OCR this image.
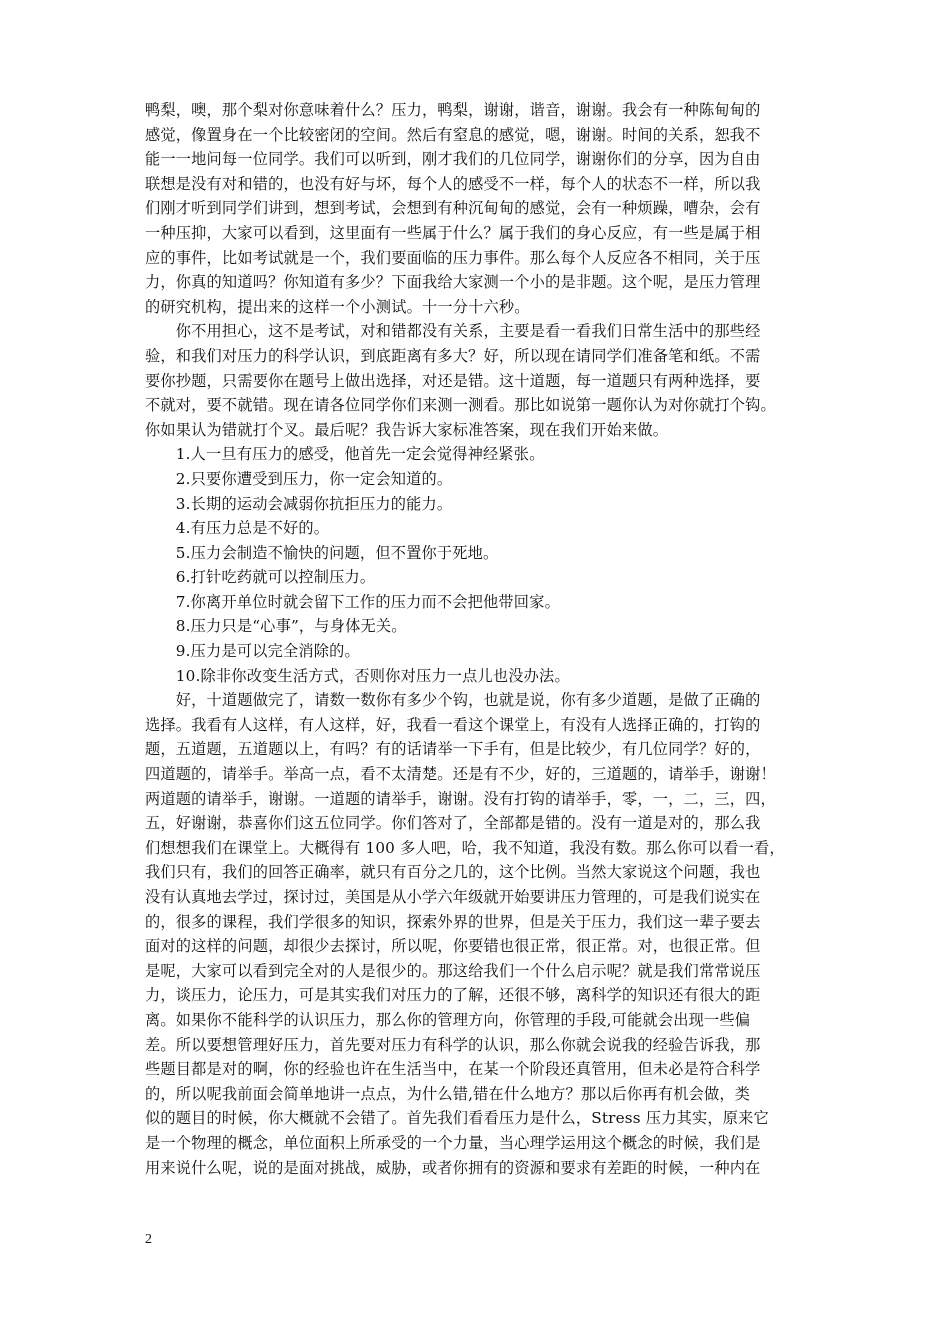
鸭梨，噢，那个梨对你意味着什么？压力，鸭梨，谢谢，谐音，谢谢。我会有一种陈甸甸的
感觉，像置身在一个比较密闭的空间。然后有窒息的感觉，嗯，谢谢。时间的关系，恕我不
能一一地问每一位同学。我们可以听到，刚才我们的几位同学，谢谢你们的分享，因为自由
联想是没有对和错的，也没有好与坏，每个人的感受不一样，每个人的状态不一样，所以我
们刚才听到同学们讲到，想到考试，会想到有种沉甸甸的感觉，会有一种烦躁，嘈杂，会有
一种压抑，大家可以看到，这里面有一些属于什么？属于我们的身心反应，有一些是属于相
应的事件，比如考试就是一个，我们要面临的压力事件。那么每个人反应各不相同，关于压
力，你真的知道吗？你知道有多少？下面我给大家测一个小的是非题。这个呢，是压力管理
的研究机构，提出来的这样一个小测试。十一分十六秒。
　　你不用担心，这不是考试，对和错都没有关系，主要是看一看我们日常生活中的那些经
验，和我们对压力的科学认识，到底距离有多大？好，所以现在请同学们准备笔和纸。不需
要你抄题，只需要你在题号上做出选择，对还是错。这十道题，每一道题只有两种选择，要
不就对，要不就错。现在请各位同学你们来测一测看。那比如说第一题你认为对你就打个钩。
你如果认为错就打个叉。最后呢？我告诉大家标准答案，现在我们开始来做。
　　1.人一旦有压力的感受，他首先一定会觉得神经紧张。
　　2.只要你遭受到压力，你一定会知道的。
　　3.长期的运动会减弱你抗拒压力的能力。
　　4.有压力总是不好的。
　　5.压力会制造不愉快的问题，但不置你于死地。
　　6.打针吃药就可以控制压力。
　　7.你离开单位时就会留下工作的压力而不会把他带回家。
　　8.压力只是“心事”，与身体无关。
　　9.压力是可以完全消除的。
　　10.除非你改变生活方式，否则你对压力一点儿也没办法。
　　好，十道题做完了，请数一数你有多少个钩，也就是说，你有多少道题，是做了正确的
选择。我看有人这样，有人这样，好，我看一看这个课堂上，有没有人选择正确的，打钩的
题，五道题，五道题以上，有吗？有的话请举一下手有，但是比较少，有几位同学？好的，
四道题的，请举手。举高一点，看不太清楚。还是有不少，好的，三道题的，请举手，谢谢！
两道题的请举手，谢谢。一道题的请举手，谢谢。没有打钩的请举手，零，一，二，三，四，
五，好谢谢，恭喜你们这五位同学。你们答对了，全部都是错的。没有一道是对的，那么我
们想想我们在课堂上。大概得有 100 多人吧，哈，我不知道，我没有数。那么你可以看一看，
我们只有，我们的回答正确率，就只有百分之几的，这个比例。当然大家说这个问题，我也
没有认真地去学过，探讨过，美国是从小学六年级就开始要讲压力管理的，可是我们说实在
的，很多的课程，我们学很多的知识，探索外界的世界，但是关于压力，我们这一辈子要去
面对的这样的问题，却很少去探讨，所以呢，你要错也很正常，很正常。对，也很正常。但
是呢，大家可以看到完全对的人是很少的。那这给我们一个什么启示呢？就是我们常常说压
力，谈压力，论压力，可是其实我们对压力的了解，还很不够，离科学的知识还有很大的距
离。如果你不能科学的认识压力，那么你的管理方向，你管理的手段,可能就会出现一些偏
差。所以要想管理好压力，首先要对压力有科学的认识，那么你就会说我的经验告诉我，那
些题目都是对的啊，你的经验也许在生活当中，在某一个阶段还真管用，但未必是符合科学
的，所以呢我前面会简单地讲一点点，为什么错,错在什么地方？那以后你再有机会做，类
似的题目的时候，你大概就不会错了。首先我们看看压力是什么，Stress 压力其实，原来它
是一个物理的概念，单位面积上所承受的一个力量，当心理学运用这个概念的时候，我们是
用来说什么呢，说的是面对挑战，威胁，或者你拥有的资源和要求有差距的时候，一种内在
2
